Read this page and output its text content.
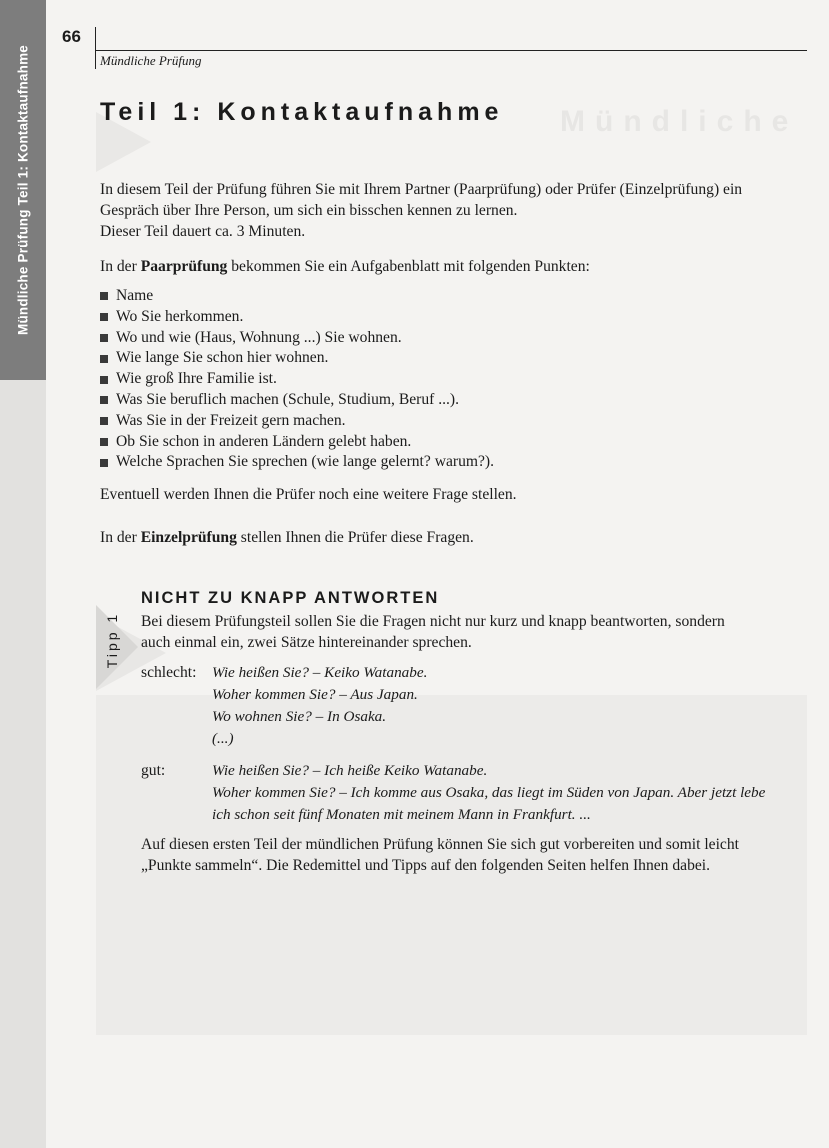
Mündliche Prüfung Teil 1: Kontaktaufnahme	Mündliche
66
Mündliche Prüfung
Teil 1: Kontaktaufnahme

In diesem Teil der Prüfung führen Sie mit Ihrem Partner (Paarprüfung) oder Prüfer (Einzelprüfung) ein

Gespräch über Ihre Person, um sich ein bisschen kennen zu lernen.

Dieser Teil dauert ca. 3 Minuten.

In der Paarprüfung bekommen Sie ein Aufgabenblatt mit folgenden Punkten:

Name
Wo Sie herkommen.
Wo und wie (Haus, Wohnung ...) Sie wohnen.
Wie lange Sie schon hier wohnen.
Wie groß Ihre Familie ist.
Was Sie beruflich machen (Schule, Studium, Beruf ...).
Was Sie in der Freizeit gern machen.
Ob Sie schon in anderen Ländern gelebt haben.
Welche Sprachen Sie sprechen (wie lange gelernt? warum?).

Eventuell werden Ihnen die Prüfer noch eine weitere Frage stellen.

In der Einzelprüfung stellen Ihnen die Prüfer diese Fragen.

Tipp 1
NICHT ZU KNAPP ANTWORTEN

Bei diesem Prüfungsteil sollen Sie die Fragen nicht nur kurz und knapp beantworten, sondern

auch einmal ein, zwei Sätze hintereinander sprechen.

schlecht: Wie heißen Sie? – Keiko Watanabe.
Woher kommen Sie? – Aus Japan.
Wo wohnen Sie? – In Osaka.
(...)
gut:	Wie heißen Sie? – Ich heiße Keiko Watanabe.
Woher kommen Sie? – Ich komme aus Osaka, das liegt im Süden von Japan. Aber jetzt lebe
ich schon seit fünf Monaten mit meinem Mann in Frankfurt. ...

Auf diesen ersten Teil der mündlichen Prüfung können Sie sich gut vorbereiten und somit leicht

„Punkte sammeln“. Die Redemittel und Tipps auf den folgenden Seiten helfen Ihnen dabei.
